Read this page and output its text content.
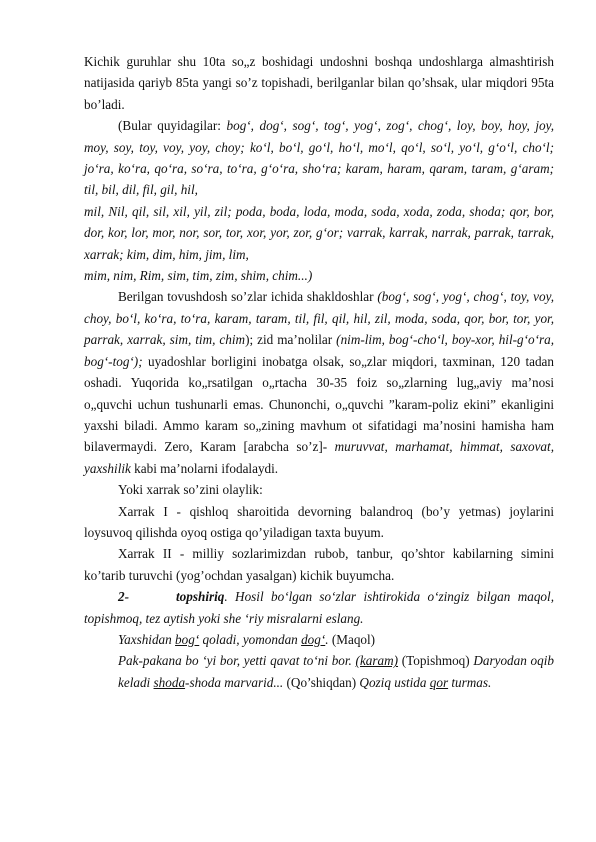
Kichik guruhlar shu 10ta so„z boshidagi undoshni boshqa undoshlarga almashtirish natijasida qariyb 85ta yangi so’z topishadi, berilganlar bilan qo’shsak, ular miqdori 95ta bo’ladi.

(Bular quyidagilar: bog‘, dog‘, sog‘, tog‘, yog‘, zog‘, chog‘, loy, boy, hoy, joy, moy, soy, toy, voy, yoy, choy; ko‘l, bo‘l, go‘l, ho‘l, mo‘l, qo‘l, so‘l, yo‘l, g‘o‘l, cho‘l; jo‘ra, ko‘ra, qo‘ra, so‘ra, to‘ra, g‘o‘ra, sho‘ra; karam, haram, qaram, taram, g‘aram; til, bil, dil, fil, gil, hil,

mil, Nil, qil, sil, xil, yil, zil; poda, boda, loda, moda, soda, xoda, zoda, shoda; qor, bor, dor, kor, lor, mor, nor, sor, tor, xor, yor, zor, g‘or; varrak, karrak, narrak, parrak, tarrak, xarrak; kim, dim, him, jim, lim,

mim, nim, Rim, sim, tim, zim, shim, chim...)

Berilgan tovushdosh so’zlar ichida shakldoshlar (bog‘, sog‘, yog‘, chog‘, toy, voy, choy, bo‘l, ko‘ra, to‘ra, karam, taram, til, fil, qil, hil, zil, moda, soda, qor, bor, tor, yor, parrak, xarrak, sim, tim, chim); zid ma’nolilar (nim-lim, bog‘-cho‘l, boy-xor, hil-g‘o‘ra, bog‘-tog‘); uyadoshlar borligini inobatga olsak, so„zlar miqdori, taxminan, 120 tadan oshadi. Yuqorida ko„rsatilgan o„rtacha 30-35 foiz so„zlarning lug„aviy ma’nosi o„quvchi uchun tushunarli emas. Chunonchi, o„quvchi ”karam-poliz ekini” ekanligini yaxshi biladi. Ammo karam so„zining mavhum ot sifatidagi ma’nosini hamisha ham bilavermaydi. Zero, Karam [arabcha so’z]- muruvvat, marhamat, himmat, saxovat, yaxshilik kabi ma’nolarni ifodalaydi.

Yoki xarrak so’zini olaylik:

Xarrak I - qishloq sharoitida devorning balandroq (bo’y yetmas) joylarini loysuvoq qilishda oyoq ostiga qo’yiladigan taxta buyum.

Xarrak II - milliy sozlarimizdan rubob, tanbur, qo’shtor kabilarning simini ko’tarib turuvchi (yog’ochdan yasalgan) kichik buyumcha.

2-	topshiriq. Hosil bo‘lgan so‘zlar ishtirokida o‘zingiz bilgan maqol, topishmoq, tez aytish yoki she ‘riy misralarni eslang.

Yaxshidan bog‘ qoladi, yomondan dog‘. (Maqol)

Pak-pakana bo ‘yi bor, yetti qavat to‘ni bor. (karam) (Topishmoq) Daryodan oqib keladi shoda-shoda marvarid... (Qo’shiqdan) Qoziq ustida qor turmas.
